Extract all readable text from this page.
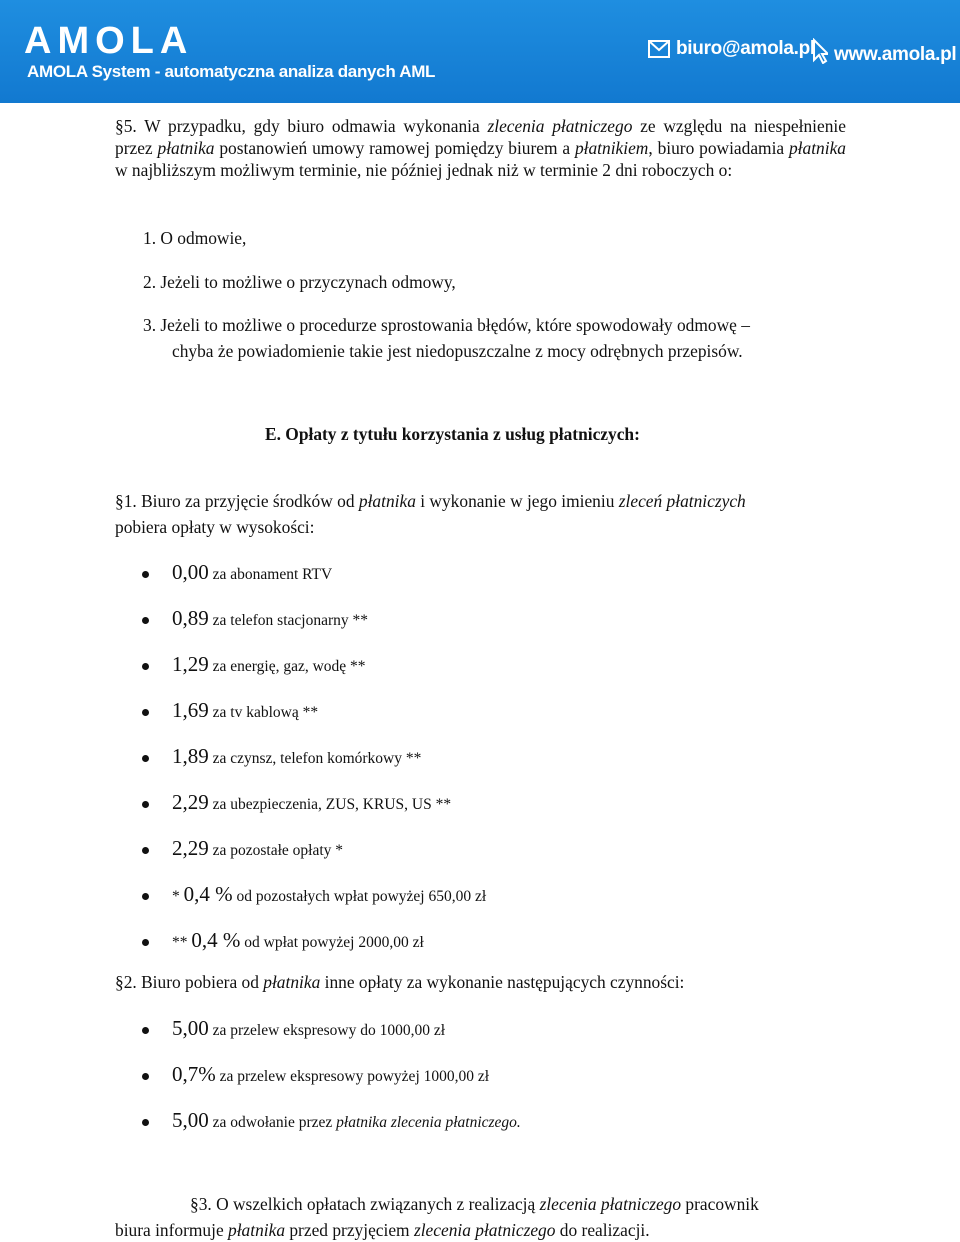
AMOLA
AMOLA System - automatyczna analiza danych AML
biuro@amola.pl	www.amola.pl
§5. W przypadku, gdy biuro odmawia wykonania zlecenia płatniczego ze względu na niespełnienie przez płatnika postanowień umowy ramowej pomiędzy biurem a płatnikiem, biuro powiadamia płatnika w najbliższym możliwym terminie, nie później jednak niż w terminie 2 dni roboczych o:
1. O odmowie,
2. Jeżeli to możliwe o przyczynach odmowy,
3. Jeżeli to możliwe o procedurze sprostowania błędów, które spowodowały odmowę –
chyba że powiadomienie takie jest niedopuszczalne z mocy odrębnych przepisów.
E. Opłaty z tytułu korzystania z usług płatniczych:
§1. Biuro za przyjęcie środków od płatnika i wykonanie w jego imieniu zleceń płatniczych
pobiera opłaty w wysokości:
0,00 za abonament RTV
0,89 za telefon stacjonarny **
1,29 za energię, gaz, wodę **
1,69 za tv kablową **
1,89 za czynsz, telefon komórkowy **
2,29 za ubezpieczenia, ZUS, KRUS, US **
2,29 za pozostałe opłaty *
* 0,4 % od pozostałych wpłat powyżej 650,00 zł
** 0,4 % od wpłat powyżej 2000,00 zł
§2. Biuro pobiera od płatnika inne opłaty za wykonanie następujących czynności:
5,00 za przelew ekspresowy do 1000,00 zł
0,7% za przelew ekspresowy powyżej 1000,00 zł
5,00 za odwołanie przez płatnika zlecenia płatniczego.
§3. O wszelkich opłatach związanych z realizacją zlecenia płatniczego pracownik
biura informuje płatnika przed przyjęciem zlecenia płatniczego do realizacji.
